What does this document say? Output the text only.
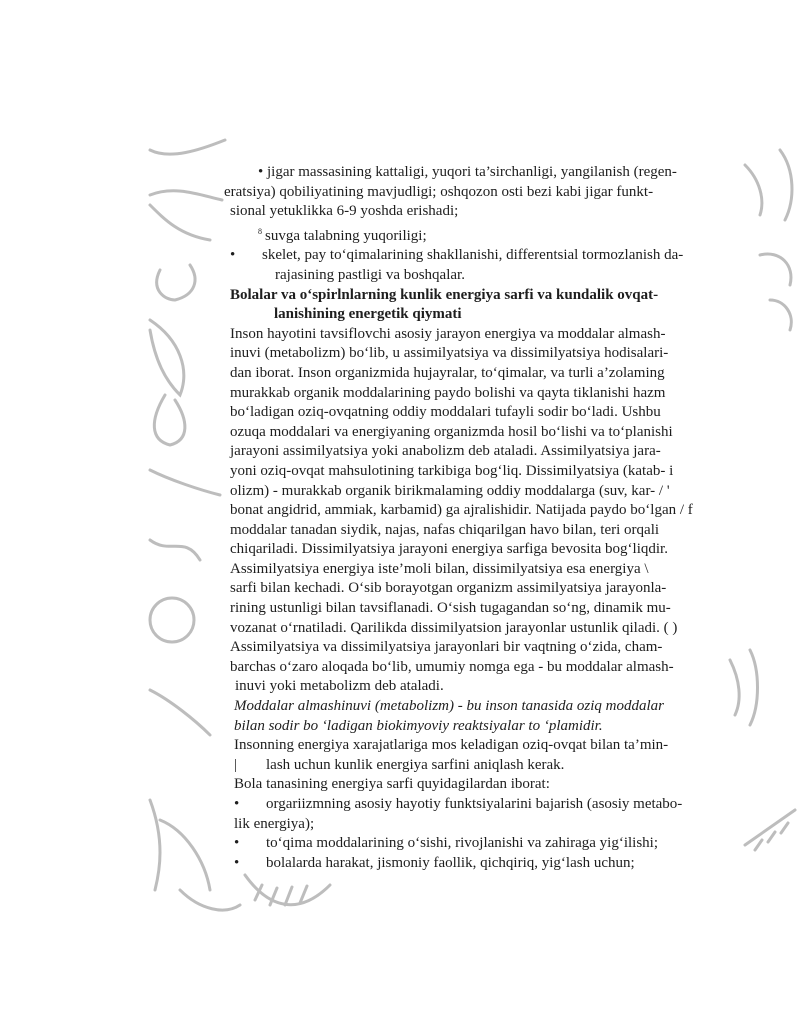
• jigar massasining kattaligi, yuqori ta’sirchanligi, yangilanish (regen-
eratsiya) qobiliyatining mavjudligi; oshqozon osti bezi kabi jigar funkt-
sional yetuklikka 6-9 yoshda erishadi;
$^8$ suvga talabning yuqoriligi;
• skelet, pay to‘qimalarining shakllanishi, differentsial tormozlanish da-
rajasining pastligi va boshqalar.
Bolalar va o‘spirlnlarning kunlik energiya sarfi va kundalik ovqat-
lanishining energetik qiymati
Inson hayotini tavsiflovchi asosiy jarayon energiya va moddalar almash-
inuvi (metabolizm) bo‘lib, u assimilyatsiya va dissimilyatsiya hodisalari-
dan iborat. Inson organizmida hujayralar, to‘qimalar, va turli a’zolaming
murakkab organik moddalarining paydo bolishi va qayta tiklanishi hazm
bo‘ladigan oziq-ovqatning oddiy moddalari tufayli sodir bo‘ladi. Ushbu
ozuqa moddalari va energiyaning organizmda hosil bo‘lishi va to‘planishi
jarayoni assimilyatsiya yoki anabolizm deb ataladi. Assimilyatsiya jara-
yoni oziq-ovqat mahsulotining tarkibiga bog‘liq. Dissimilyatsiya (katab- i
olizm) - murakkab organik birikmalaming oddiy moddalarga (suv, kar- / '
bonat angidrid, ammiak, karbamid) ga ajralishidir. Natijada paydo bo‘lgan / f
moddalar tanadan siydik, najas, nafas chiqarilgan havo bilan, teri orqali
chiqariladi. Dissimilyatsiya jarayoni energiya sarfiga bevosita bog‘liqdir.
Assimilyatsiya energiya iste’moli bilan, dissimilyatsiya esa energiya \
sarfi bilan kechadi. O‘sib borayotgan organizm assimilyatsiya jarayonla-
rining ustunligi bilan tavsiflanadi. O‘sish tugagandan so‘ng, dinamik mu-
vozanat o‘rnatiladi. Qarilikda dissimilyatsion jarayonlar ustunlik qiladi. ( )
Assimilyatsiya va dissimilyatsiya jarayonlari bir vaqtning o‘zida, cham-
barchas o‘zaro aloqada bo‘lib, umumiy nomga ega - bu moddalar almash-
inuvi yoki metabolizm deb ataladi.
Moddalar almashinuvi (metabolizm) - bu inson tanasida oziq moddalar
bilan sodir bo ‘ladigan biokimyoviy reaktsiyalar to ‘plamidir.
Insonning energiya xarajatlariga mos keladigan oziq-ovqat bilan ta’min-
| lash uchun kunlik energiya sarfini aniqlash kerak.
Bola tanasining energiya sarfi quyidagilardan iborat:
• orgariizmning asosiy hayotiy funktsiyalarini bajarish (asosiy metabo-
lik energiya);
• to‘qima moddalarining o‘sishi, rivojlanishi va zahiraga yig‘ilishi;
• bolalarda harakat, jismoniy faollik, qichqiriq, yig‘lash uchun;
